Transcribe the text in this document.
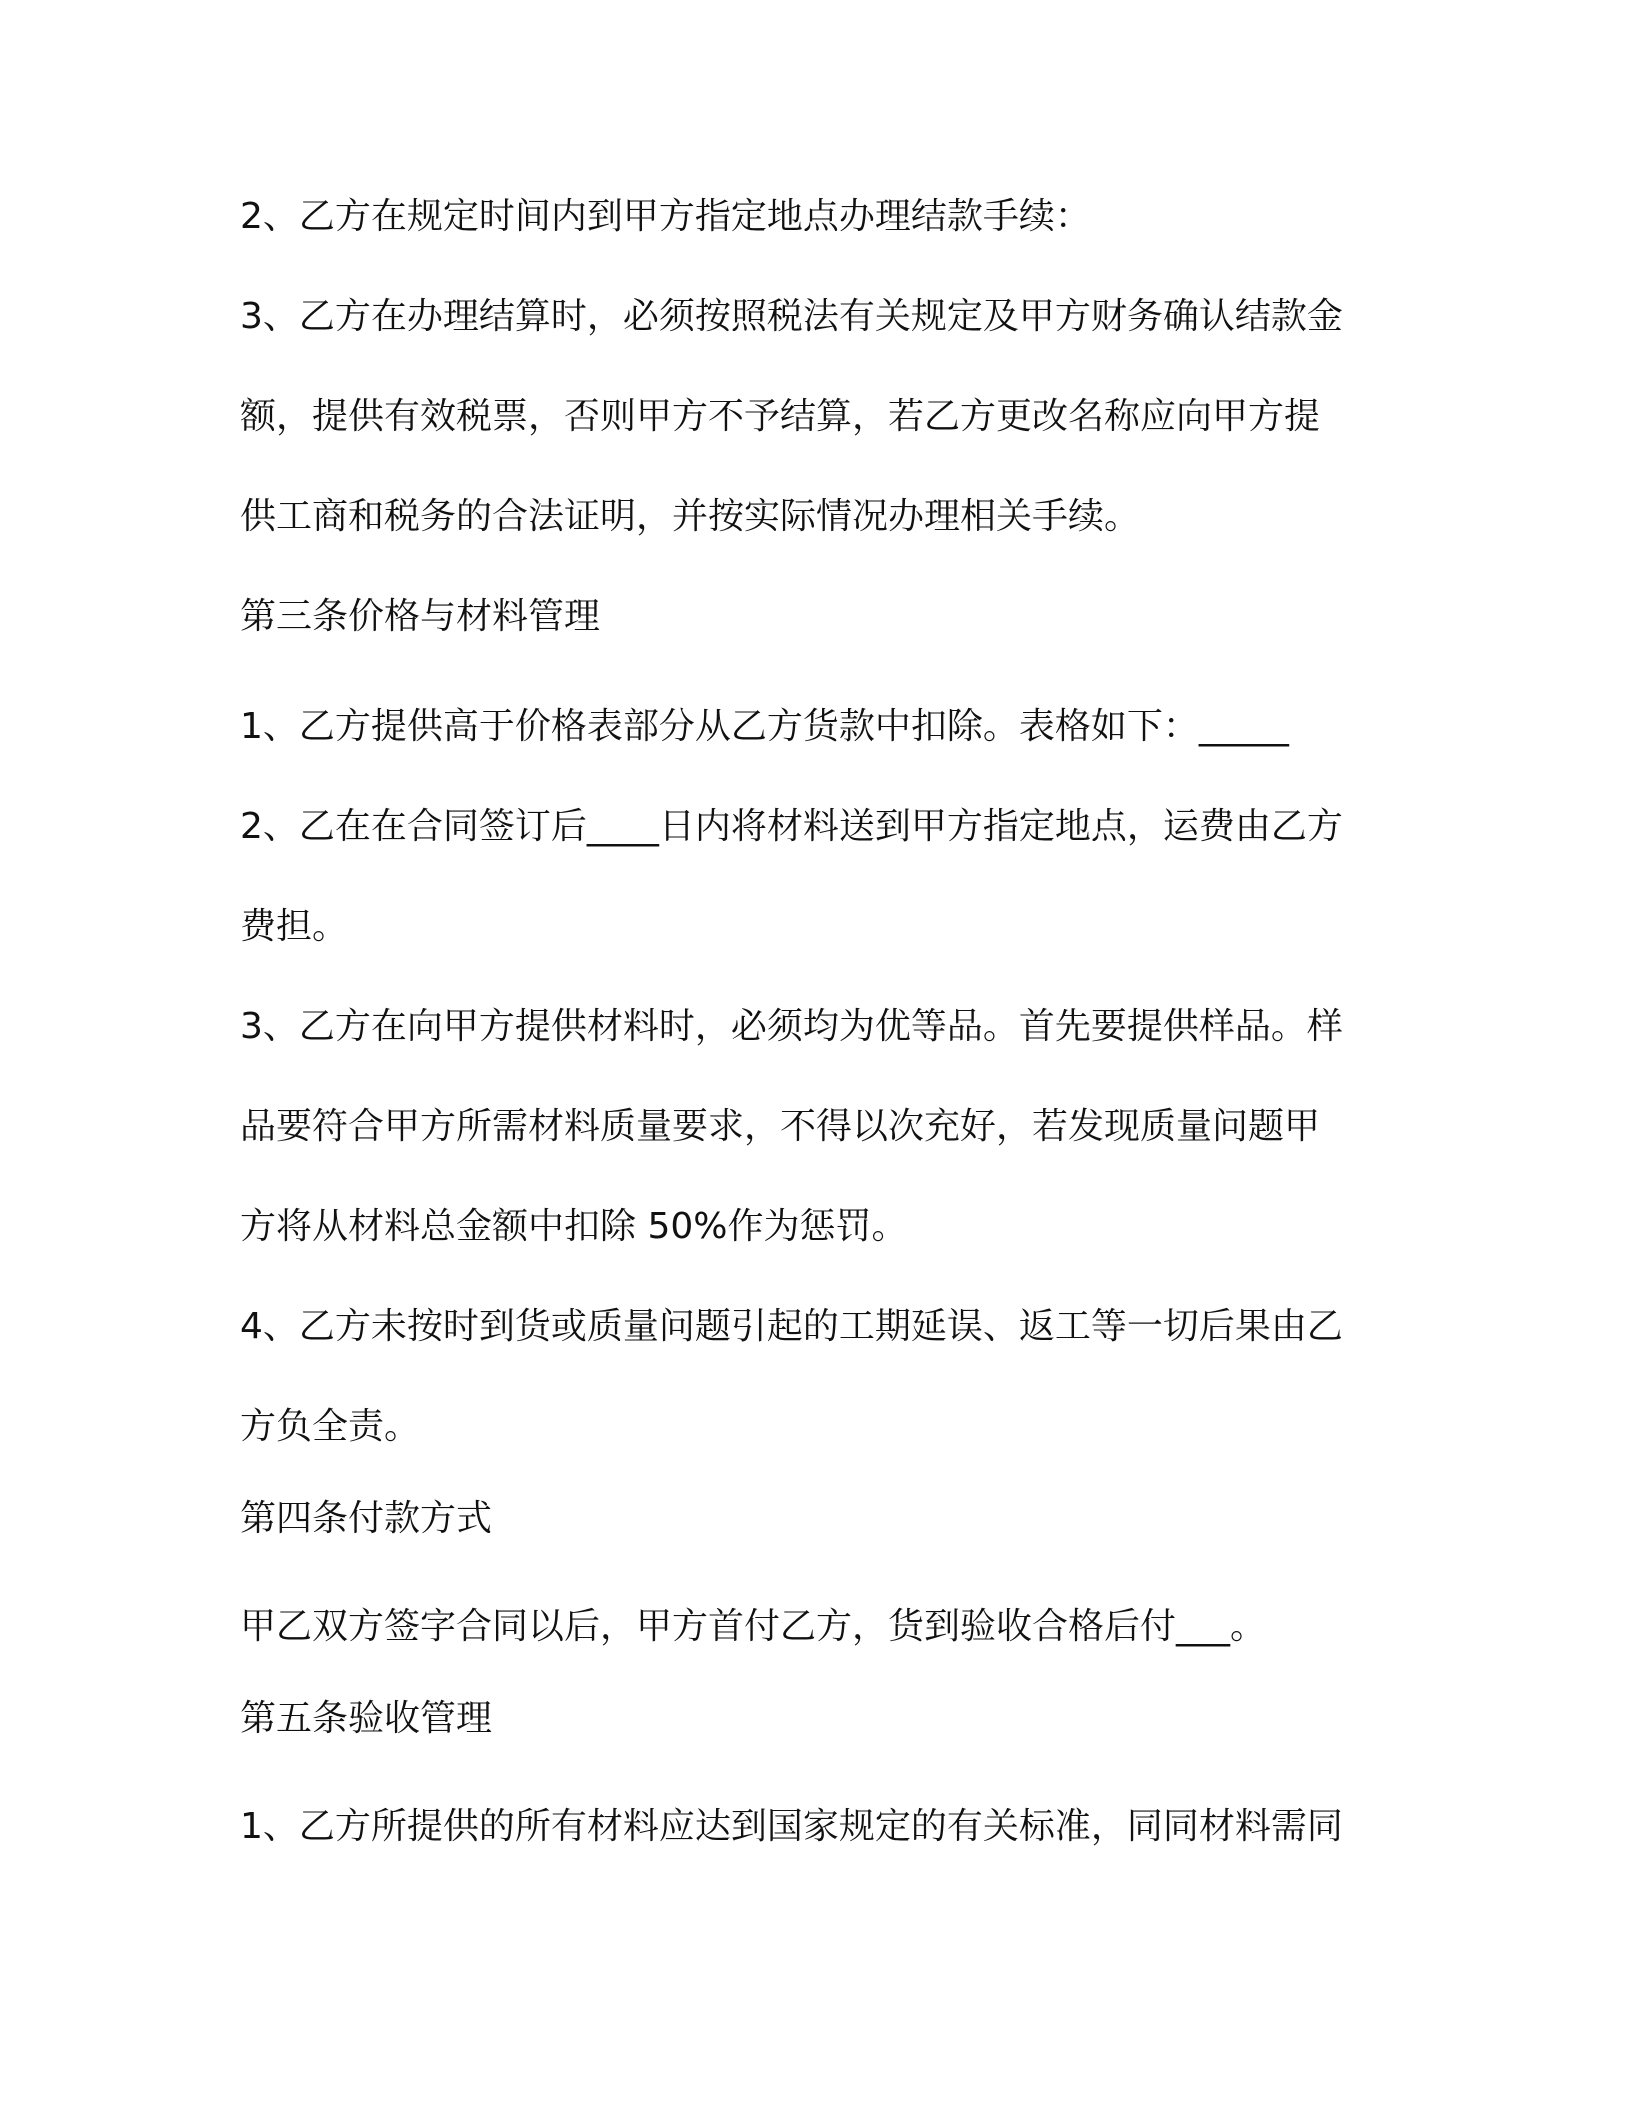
2、乙方在规定时间内到甲方指定地点办理结款手续：
3、乙方在办理结算时，必须按照税法有关规定及甲方财务确认结款金
额，提供有效税票，否则甲方不予结算，若乙方更改名称应向甲方提
供工商和税务的合法证明，并按实际情况办理相关手续。
第三条价格与材料管理
1、乙方提供高于价格表部分从乙方货款中扣除。表格如下：_____
2、乙在在合同签订后____日内将材料送到甲方指定地点，运费由乙方
费担。
3、乙方在向甲方提供材料时，必须均为优等品。首先要提供样品。样
品要符合甲方所需材料质量要求，不得以次充好，若发现质量问题甲
方将从材料总金额中扣除 50%作为惩罚。
4、乙方未按时到货或质量问题引起的工期延误、返工等一切后果由乙
方负全责。
第四条付款方式
甲乙双方签字合同以后，甲方首付乙方，货到验收合格后付___。
第五条验收管理
1、乙方所提供的所有材料应达到国家规定的有关标准，同同材料需同
